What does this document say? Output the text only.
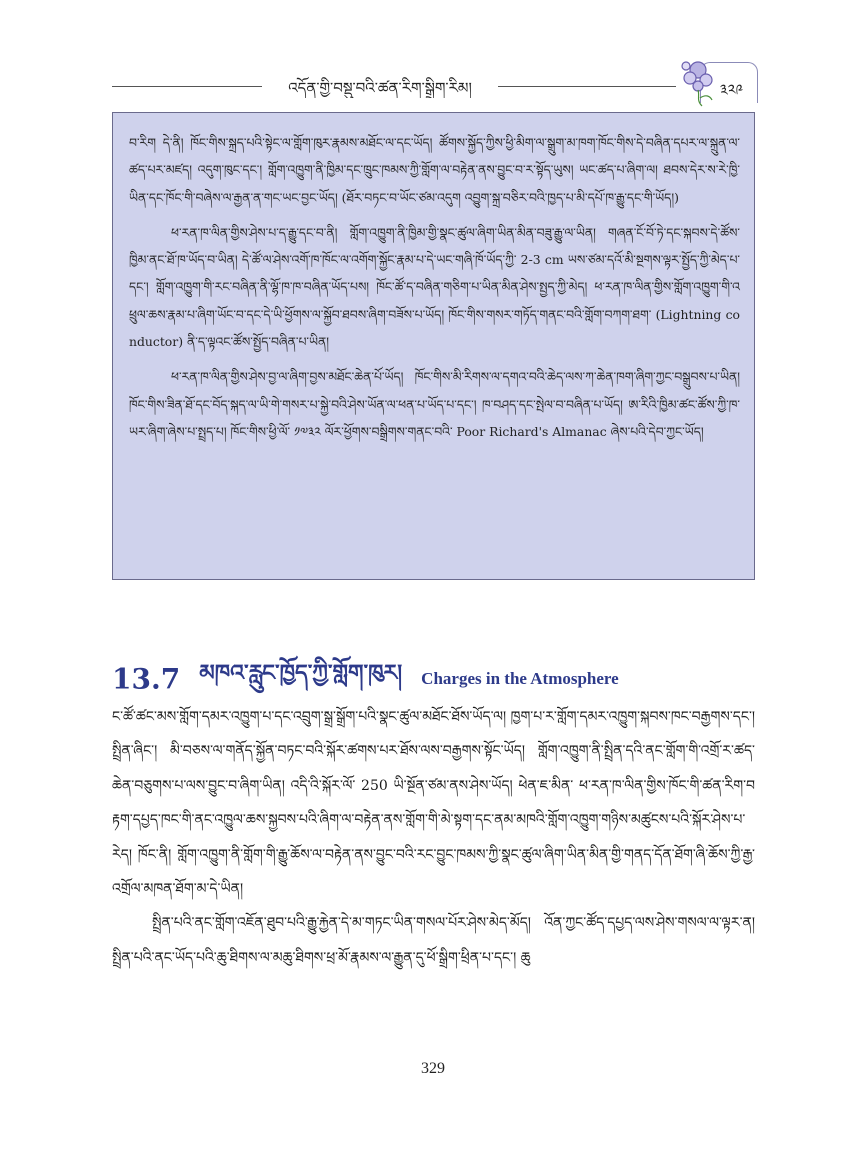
འདོན་གྱི་བསྡུ་བའི་ཚན་རིག་སྒྲིག་རིམ།	༣༢༩

བ་རིག དེ་ནི། ཁོང་གིས་སྐྲད་པའི་སྟེང་ལ་གློག་ཁུར་རྣམས་མཐོང་ལ་དང་ཡོད། ཚོགས་སྐྱོད་ཀྱིས་ཕྱི་མིག་ལ་སྒྲུག་མ་ཁག་ཁོང་གིས་དེ་བཞིན་དཔར་ལ་སྐྲུན་ལ་ཚད་པར་མཛད། འདུག་ཁུང་དང་། གློག་འཁྱུག་ནི་ཁྱིམ་དང་ཁྲུང་ཁམས་ཀྱི་གློག་ལ་བརྟེན་ནས་བྱུང་བ་ར་སྟོད་ཡུས། ཡང་ཚད་པ་ཞིག་ལ། ཐབས་དེར་ས་རེ་ཁྱི་ཡིན་དང་ཁོང་གི་བཞེས་ལ་རྒྱན་ན་གང་ཡང་བྱང་ཡོད། (ཐོར་བཏང་བ་ཡོང་ཙམ་འདུག འབྱུག་སྐྲ་བཅིར་བའི་ཁྱད་པ་མི་དཔོ་ཁ་རྒྱུ་དང་གི་ཡོད།)

ཕ་རན་ཁ་ལིན་གྱིས་ཤེས་པ་ད་རྒྱུ་དང་བ་ནི། གློག་འཁྱུག་ནི་ཁྱིམ་གྱི་སྣང་ཚུལ་ཞིག་ཡིན་མིན་བཟུ་རྒྱུ་ལ་ཡིན། གཞན་ངོ་བོ་ཏེ་དང་སྐབས་དེ་ཚོས་ཁྱིམ་ནང་ཐོ་ཁ་ཡོད་བ་ཡིན། དེ་ཚོ་ལ་ཤེས་འགོ་ཁ་ཁོང་ལ་འགོག་སྐྱོང་རྣམ་པ་དེ་ཡང་གཞི་ཁོ་ཡོད་ཀྱི་ 2-3 cm ཡས་ཙམ་དའོ་མི་སྔགས་ལྟར་སྤྱོད་ཀྱི་མེད་པ་དང་། གློག་འཁྱུག་གི་རང་བཞིན་ནི་ལྷོ་ཁ་ཁ་བཞིན་ཡོད་པས། ཁོང་ཚོ་ད་བཞིན་གཅིག་པ་ཡིན་མིན་ཤེས་སྤྱད་ཀྱི་མེད། ཕ་རན་ཁ་ལིན་གྱིས་གློག་འཁྱུག་གི་འཕྲུལ་ཆས་རྣམ་པ་ཞིག་ཡོང་བ་དང་དེ་ཡི་ཕྱོགས་ལ་སྐྱོབ་ཐབས་ཞིག་བཟོས་པ་ཡོད། ཁོང་གིས་གསར་གཏོད་གནང་བའི་གློག་བཀག་ཐག་ (Lightning conductor) ནི་ད་ལྟའང་ཚོས་སྤྱོད་བཞིན་པ་ཡིན།

ཕ་རན་ཁ་ལིན་གྱིས་ཤེས་བྱ་ལ་ཞིག་བྱས་མཐོང་ཆེན་པོ་ཡོད། ཁོང་གིས་མི་རིགས་ལ་དགའ་བའི་ཆེད་ལས་ཀ་ཆེན་ཁག་ཞིག་ཀྱང་བསྒྲུབས་པ་ཡིན། ཁོང་གིས་ཟིན་ཐོ་དང་བོད་སྐད་ལ་ཡི་གེ་གསར་པ་སྐྱེ་བའི་ཤེས་ཡོན་ལ་ཕན་པ་ཡོད་པ་དང་། ཁ་བཤད་དང་སྤེལ་བ་བཞིན་པ་ཡོད། ཨ་རིའི་ཁྱིམ་ཚང་ཚོས་ཀྱི་ཁ་ཡར་ཞིག་ཞེས་པ་སྤྲད་པ། ཁོང་གིས་ཕྱི་ལོ་ ༡༧༣༢ ལོར་ཕྱོགས་བསྒྲིགས་གནང་བའི་ Poor Richard's Almanac ཞེས་པའི་དེབ་ཀྱང་ཡོད།

13.7 མཁའ་རླུང་ཁྱོད་ཀྱི་གློག་ཁུར། Charges in the Atmosphere

ང་ཚོ་ཚང་མས་གློག་དམར་འཁྱུག་པ་དང་འབྲུག་སྒྲ་སྒྲོག་པའི་སྣང་ཚུལ་མཐོང་ཐོས་ཡོད་ལ། ཁྱག་པ་ར་གློག་དམར་འཁྱུག་སྐབས་ཁང་བརྒྱགས་དང་། སྤྲིན་ཞིང་། མི་བཅས་ལ་གནོད་སྐྱོན་བཏང་བའི་སྐོར་ཚགས་པར་ཐོས་ལས་བརྒྱགས་སྟོང་ཡོད། གློག་འཁྱུག་ནི་སྤྲིན་དའི་ནང་གློག་གི་འགྲོ་ར་ཚད་ཆེན་བཅུགས་པ་ལས་བྱུང་བ་ཞིག་ཡིན། འདི་འི་སྐོར་ལོ་ 250 ཡི་སྔོན་ཙམ་ནས་ཤེས་ཡོད། ཕེན་ཇ་མིན་ ཕ་རན་ཁ་ལིན་གྱིས་ཁོང་གི་ཚན་རིག་བརྟག་དཔྱད་ཁང་གི་ནང་འཁྱུལ་ཆས་སྐྱབས་པའི་ཞིག་ལ་བརྟེན་ནས་གློག་གི་མེ་སྟག་དང་ནམ་མཁའི་གློག་འཁྱུག་གཉིས་མཚུངས་པའི་སྐོར་ཤེས་པ་རེད། ཁོང་ནི། གློག་འཁྱུག་ནི་གློག་གི་རྒྱུ་ཆོས་ལ་བརྟེན་ནས་བྱུང་བའི་རང་བྱུང་ཁམས་ཀྱི་སྣང་ཚུལ་ཞིག་ཡིན་མིན་གྱི་གནད་དོན་ཐོག་ཞི་ཆོས་ཀྱི་རྒྱ་འགྲོལ་མཁན་ཐོག་མ་དེ་ཡིན།

སྤྲིན་པའི་ནང་གློག་འཇོན་ཐུབ་པའི་རྒྱུ་རྐྱེན་དེ་མ་གཏང་ཡིན་གསལ་པོར་ཤེས་མེད་མོད། འོན་ཀྱང་ཚོད་དཔྱད་ལས་ཤེས་གསལ་ལ་ལྟར་ན། སྤྲིན་པའི་ནང་ཡོད་པའི་ཆུ་ཐིགས་ལ་མཆུ་ཐིགས་ཕྲ་མོ་རྣམས་ལ་རྒྱུན་དུ་ཕོ་སྒྲིག་ཕྲིན་པ་དང་། ཆུ

329
